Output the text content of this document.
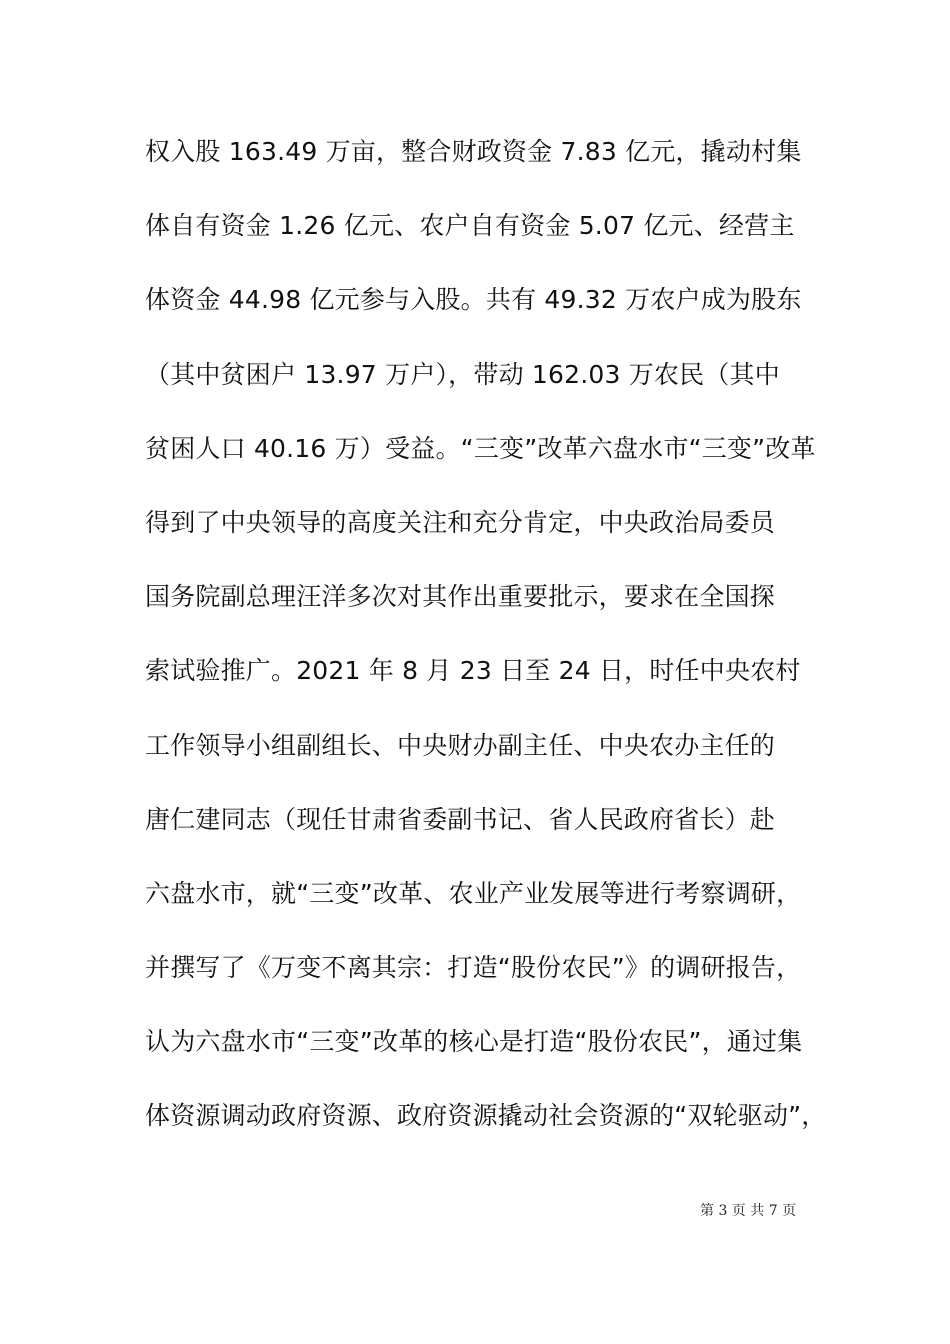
权入股 163.49 万亩，整合财政资金 7.83 亿元，撬动村集
体自有资金 1.26 亿元、农户自有资金 5.07 亿元、经营主
体资金 44.98 亿元参与入股。共有 49.32 万农户成为股东
（其中贫困户 13.97 万户），带动 162.03 万农民（其中
贫困人口 40.16 万）受益。“三变”改革六盘水市“三变”改革
得到了中央领导的高度关注和充分肯定，中央政治局委员
国务院副总理汪洋多次对其作出重要批示，要求在全国探
索试验推广。2021 年 8 月 23 日至 24 日，时任中央农村
工作领导小组副组长、中央财办副主任、中央农办主任的
唐仁建同志（现任甘肃省委副书记、省人民政府省长）赴
六盘水市，就“三变”改革、农业产业发展等进行考察调研，
并撰写了《万变不离其宗：打造“股份农民”》的调研报告，
认为六盘水市“三变”改革的核心是打造“股份农民”，通过集
体资源调动政府资源、政府资源撬动社会资源的“双轮驱动”，
第 3 页 共 7 页
